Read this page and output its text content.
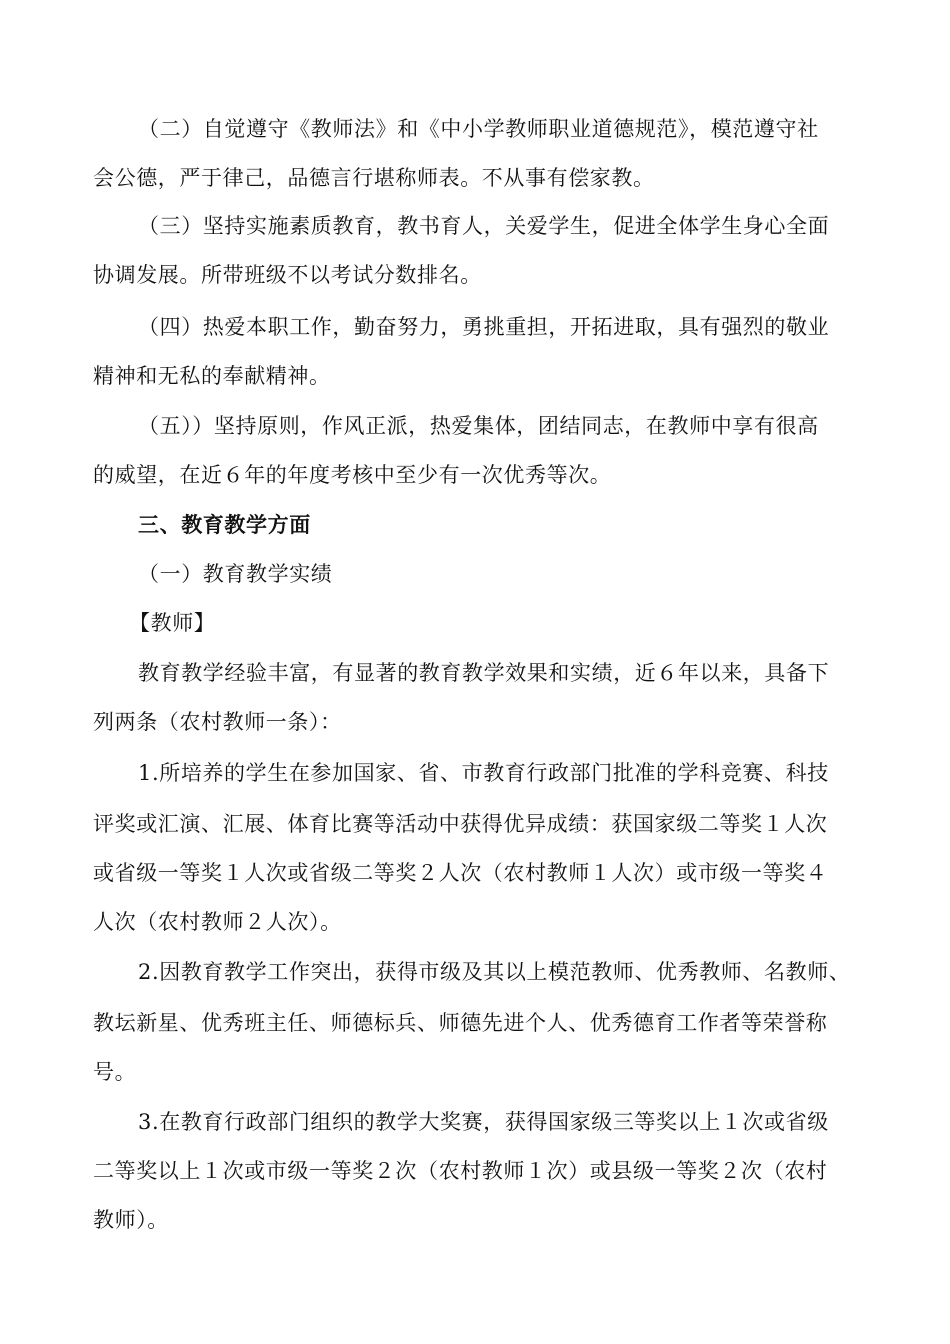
（二）自觉遵守《教师法》和《中小学教师职业道德规范》，模范遵守社
会公德，严于律己，品德言行堪称师表。不从事有偿家教。
（三）坚持实施素质教育，教书育人，关爱学生，促进全体学生身心全面
协调发展。所带班级不以考试分数排名。
（四）热爱本职工作，勤奋努力，勇挑重担，开拓进取，具有强烈的敬业
精神和无私的奉献精神。
（五））坚持原则，作风正派，热爱集体，团结同志，在教师中享有很高
的威望，在近６年的年度考核中至少有一次优秀等次。
三、教育教学方面
（一）教育教学实绩
【教师】
教育教学经验丰富，有显著的教育教学效果和实绩，近６年以来，具备下
列两条（农村教师一条）：
1.所培养的学生在参加国家、省、市教育行政部门批准的学科竞赛、科技
评奖或汇演、汇展、体育比赛等活动中获得优异成绩：获国家级二等奖１人次
或省级一等奖１人次或省级二等奖２人次（农村教师１人次）或市级一等奖４
人次（农村教师２人次）。
2.因教育教学工作突出，获得市级及其以上模范教师、优秀教师、名教师、
教坛新星、优秀班主任、师德标兵、师德先进个人、优秀德育工作者等荣誉称
号。
3.在教育行政部门组织的教学大奖赛，获得国家级三等奖以上１次或省级
二等奖以上１次或市级一等奖２次（农村教师１次）或县级一等奖２次（农村
教师）。
